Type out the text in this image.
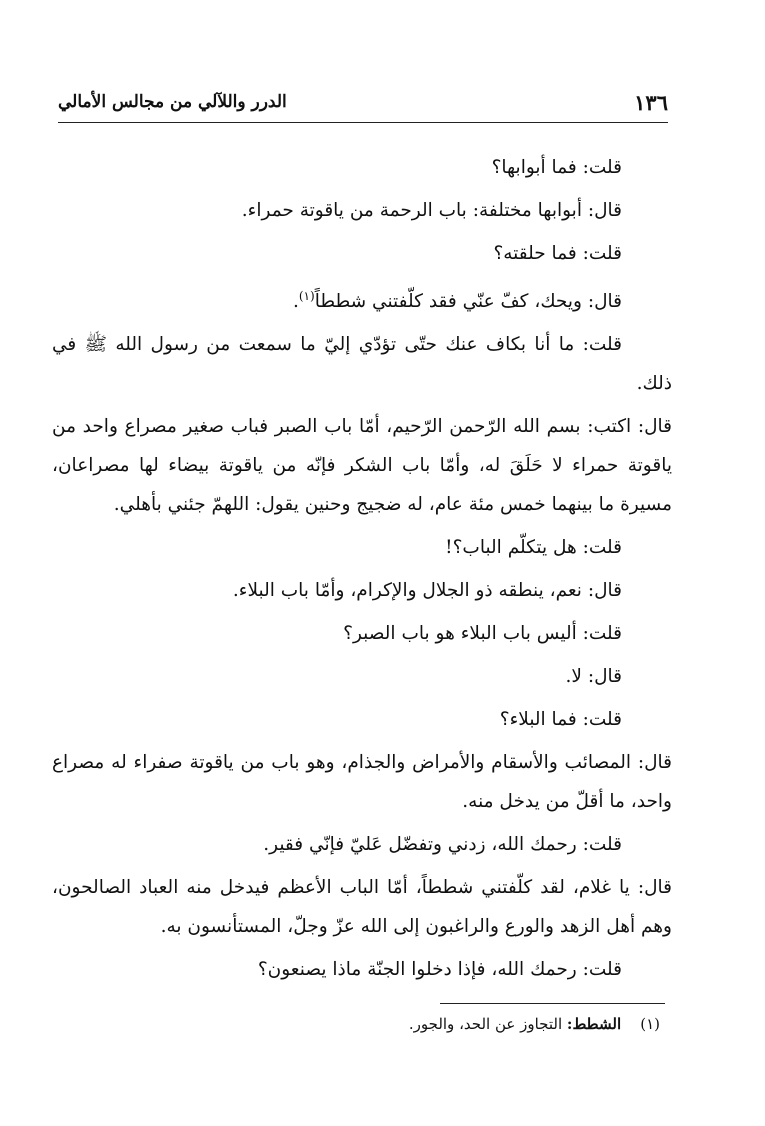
١٣٦
الدرر واللآلي من مجالس الأمالي
قلت: فما أبوابها؟
قال: أبوابها مختلفة: باب الرحمة من ياقوتة حمراء.
قلت: فما حلقته؟
قال: ويحك، كفّ عنّي فقد كلّفتني شططاً$^{(١)}$.
قلت: ما أنا بكاف عنك حتّى تؤدّي إليّ ما سمعت من رسول الله ﷺ في ذلك.
قال: اكتب: بسم الله الرّحمن الرّحيم، أمّا باب الصبر فباب صغير مصراع واحد من ياقوتة حمراء لا حَلَقَ له، وأمّا باب الشكر فإنّه من ياقوتة بيضاء لها مصراعان، مسيرة ما بينهما خمس مئة عام، له ضجيج وحنين يقول: اللهمّ جئني بأهلي.
قلت: هل يتكلّم الباب؟!
قال: نعم، ينطقه ذو الجلال والإكرام، وأمّا باب البلاء.
قلت: أليس باب البلاء هو باب الصبر؟
قال: لا.
قلت: فما البلاء؟
قال: المصائب والأسقام والأمراض والجذام، وهو باب من ياقوتة صفراء له مصراع واحد، ما أقلّ من يدخل منه.
قلت: رحمك الله، زدني وتفضّل عَليّ فإنّي فقير.
قال: يا غلام، لقد كلّفتني شططاً، أمّا الباب الأعظم فيدخل منه العباد الصالحون، وهم أهل الزهد والورع والراغبون إلى الله عزّ وجلّ، المستأنسون به.
قلت: رحمك الله، فإذا دخلوا الجنّة ماذا يصنعون؟
(١)    الشطط: التجاوز عن الحد، والجور.
